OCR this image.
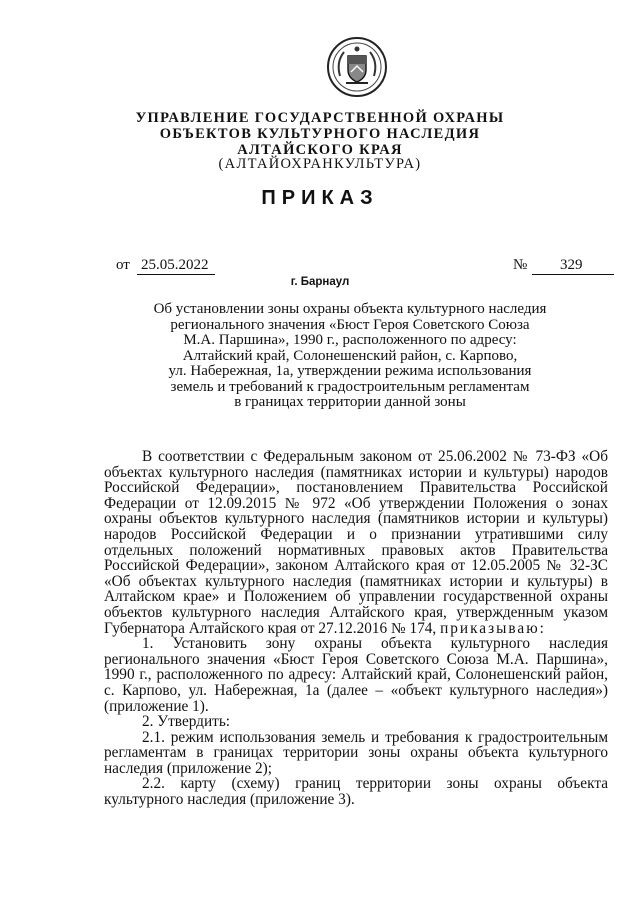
УПРАВЛЕНИЕ ГОСУДАРСТВЕННОЙ ОХРАНЫ
ОБЪЕКТОВ КУЛЬТУРНОГО НАСЛЕДИЯ
АЛТАЙСКОГО КРАЯ
(АЛТАЙОХРАНКУЛЬТУРА)
ПРИКАЗ
от 25.05.2022	№ 329
г. Барнаул
Об установлении зоны охраны объекта культурного наследия
регионального значения «Бюст Героя Советского Союза
М.А. Паршина», 1990 г., расположенного по адресу:
Алтайский край, Солонешенский район, с. Карпово,
ул. Набережная, 1а, утверждении режима использования
земель и требований к градостроительным регламентам
в границах территории данной зоны

В соответствии с Федеральным законом от 25.06.2002 № 73-ФЗ «Об объектах культурного наследия (памятниках истории и культуры) народов Российской Федерации», постановлением Правительства Российской Федерации от 12.09.2015 № 972 «Об утверждении Положения о зонах охраны объектов культурного наследия (памятников истории и культуры) народов Российской Федерации и о признании утратившими силу отдельных положений нормативных правовых актов Правительства Российской Федерации», законом Алтайского края от 12.05.2005 № 32-ЗС «Об объектах культурного наследия (памятниках истории и культуры) в Алтайском крае» и Положением об управлении государственной охраны объектов культурного наследия Алтайского края, утвержденным указом Губернатора Алтайского края от 27.12.2016 № 174, приказываю:

1. Установить зону охраны объекта культурного наследия регионального значения «Бюст Героя Советского Союза М.А. Паршина», 1990 г., расположенного по адресу: Алтайский край, Солонешенский район, с. Карпово, ул. Набережная, 1а (далее – «объект культурного наследия») (приложение 1).

2. Утвердить:

2.1. режим использования земель и требования к градостроительным регламентам в границах территории зоны охраны объекта культурного наследия (приложение 2);

2.2. карту (схему) границ территории зоны охраны объекта культурного наследия (приложение 3).
